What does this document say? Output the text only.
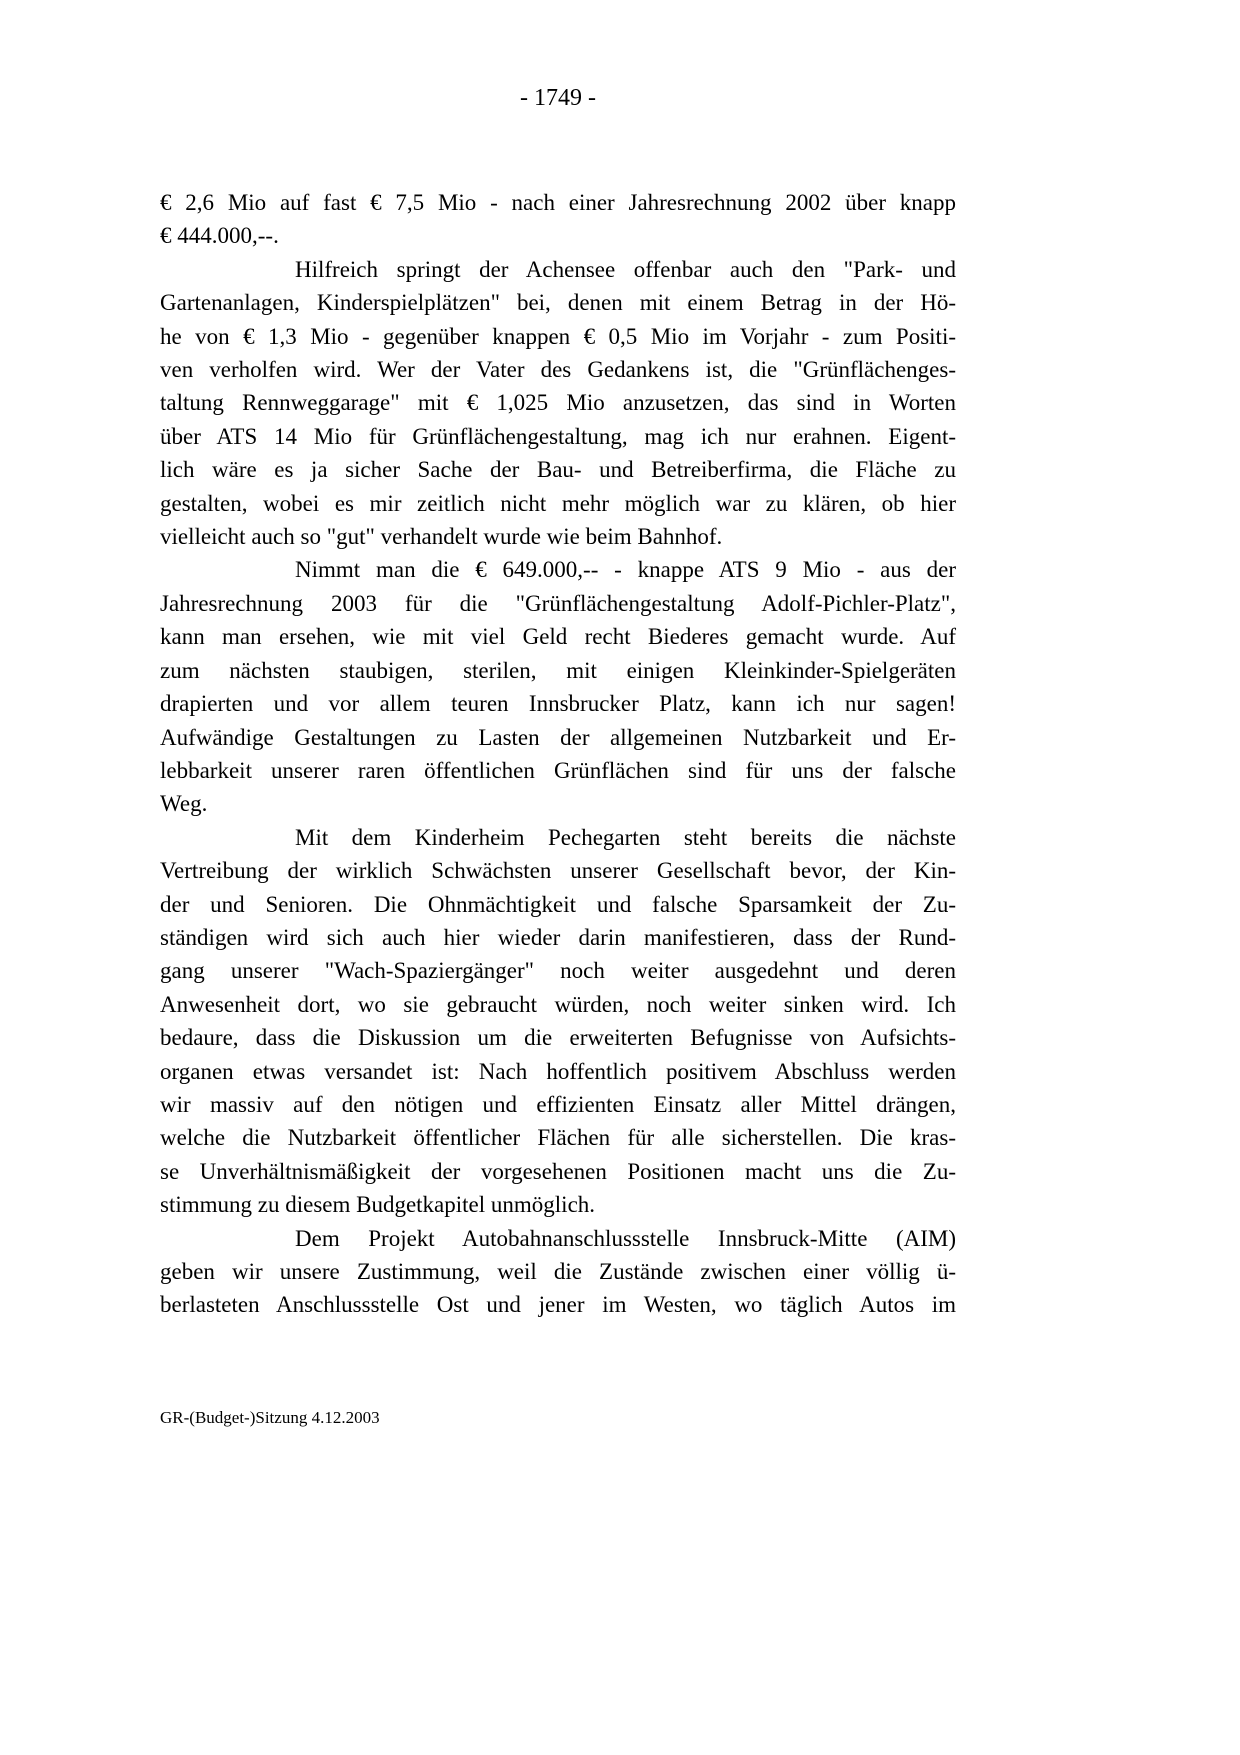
- 1749 -
€ 2,6 Mio auf fast € 7,5 Mio - nach einer Jahresrechnung 2002 über knapp
€ 444.000,--.
Hilfreich springt der Achensee offenbar auch den "Park- und
Gartenanlagen, Kinderspielplätzen" bei, denen mit einem Betrag in der Hö-
he von € 1,3 Mio - gegenüber knappen € 0,5 Mio im Vorjahr - zum Positi-
ven verholfen wird. Wer der Vater des Gedankens ist, die "Grünflächenges-
taltung Rennweggarage" mit € 1,025 Mio anzusetzen, das sind in Worten
über ATS 14 Mio für Grünflächengestaltung, mag ich nur erahnen. Eigent-
lich wäre es ja sicher Sache der Bau- und Betreiberfirma, die Fläche zu
gestalten, wobei es mir zeitlich nicht mehr möglich war zu klären, ob hier
vielleicht auch so "gut" verhandelt wurde wie beim Bahnhof.
Nimmt man die € 649.000,-- - knappe ATS 9 Mio - aus der
Jahresrechnung 2003 für die "Grünflächengestaltung Adolf-Pichler-Platz",
kann man ersehen, wie mit viel Geld recht Biederes gemacht wurde. Auf
zum nächsten staubigen, sterilen, mit einigen Kleinkinder-Spielgeräten
drapierten und vor allem teuren Innsbrucker Platz, kann ich nur sagen!
Aufwändige Gestaltungen zu Lasten der allgemeinen Nutzbarkeit und Er-
lebbarkeit unserer raren öffentlichen Grünflächen sind für uns der falsche
Weg.
Mit dem Kinderheim Pechegarten steht bereits die nächste
Vertreibung der wirklich Schwächsten unserer Gesellschaft bevor, der Kin-
der und Senioren. Die Ohnmächtigkeit und falsche Sparsamkeit der Zu-
ständigen wird sich auch hier wieder darin manifestieren, dass der Rund-
gang unserer "Wach-Spaziergänger" noch weiter ausgedehnt und deren
Anwesenheit dort, wo sie gebraucht würden, noch weiter sinken wird. Ich
bedaure, dass die Diskussion um die erweiterten Befugnisse von Aufsichts-
organen etwas versandet ist: Nach hoffentlich positivem Abschluss werden
wir massiv auf den nötigen und effizienten Einsatz aller Mittel drängen,
welche die Nutzbarkeit öffentlicher Flächen für alle sicherstellen. Die kras-
se Unverhältnismäßigkeit der vorgesehenen Positionen macht uns die Zu-
stimmung zu diesem Budgetkapitel unmöglich.
Dem Projekt Autobahnanschlussstelle Innsbruck-Mitte (AIM)
geben wir unsere Zustimmung, weil die Zustände zwischen einer völlig ü-
berlasteten Anschlussstelle Ost und jener im Westen, wo täglich Autos im
GR-(Budget-)Sitzung 4.12.2003
